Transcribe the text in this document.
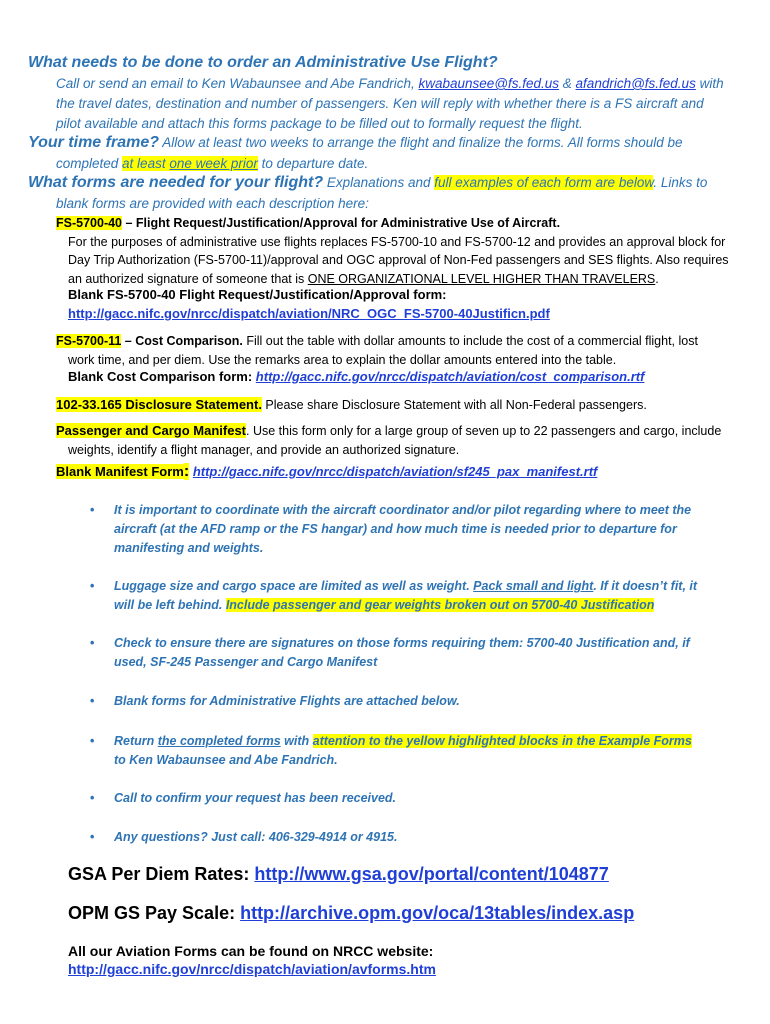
What needs to be done to order an Administrative Use Flight?
Call or send an email to Ken Wabaunsee and Abe Fandrich, kwabaunsee@fs.fed.us & afandrich@fs.fed.us with
the travel dates, destination and number of passengers. Ken will reply with whether there is a FS aircraft and
pilot available and attach this forms package to be filled out to formally request the flight.
Your time frame? Allow at least two weeks to arrange the flight and finalize the forms. All forms should be
completed at least one week prior to departure date.
What forms are needed for your flight? Explanations and full examples of each form are below. Links to
blank forms are provided with each description here:
FS-5700-40 – Flight Request/Justification/Approval for Administrative Use of Aircraft.

For the purposes of administrative use flights replaces FS-5700-10 and FS-5700-12 and provides an approval block for
Day Trip Authorization (FS-5700-11)/approval and OGC approval of Non-Fed passengers and SES flights. Also requires
an authorized signature of someone that is ONE ORGANIZATIONAL LEVEL HIGHER THAN TRAVELERS.
Blank FS-5700-40 Flight Request/Justification/Approval form:
http://gacc.nifc.gov/nrcc/dispatch/aviation/NRC_OGC_FS-5700-40Justificn.pdf
FS-5700-11 – Cost Comparison. Fill out the table with dollar amounts to include the cost of a commercial flight, lost

work time, and per diem. Use the remarks area to explain the dollar amounts entered into the table.
Blank Cost Comparison form: http://gacc.nifc.gov/nrcc/dispatch/aviation/cost_comparison.rtf
102-33.165 Disclosure Statement. Please share Disclosure Statement with all Non-Federal passengers.
Passenger and Cargo Manifest. Use this form only for a large group of seven up to 22 passengers and cargo, include

weights, identify a flight manager, and provide an authorized signature.
Blank Manifest Form: http://gacc.nifc.gov/nrcc/dispatch/aviation/sf245_pax_manifest.rtf
• It is important to coordinate with the aircraft coordinator and/or pilot regarding where to meet the
aircraft (at the AFD ramp or the FS hangar) and how much time is needed prior to departure for
manifesting and weights.
• Luggage size and cargo space are limited as well as weight. Pack small and light. If it doesn’t fit, it
will be left behind. Include passenger and gear weights broken out on 5700-40 Justification
• Check to ensure there are signatures on those forms requiring them: 5700-40 Justification and, if
used, SF-245 Passenger and Cargo Manifest
• Blank forms for Administrative Flights are attached below.
• Return the completed forms with attention to the yellow highlighted blocks in the Example Forms
to Ken Wabaunsee and Abe Fandrich.
• Call to confirm your request has been received.
• Any questions? Just call: 406-329-4914 or 4915.
GSA Per Diem Rates: http://www.gsa.gov/portal/content/104877
OPM GS Pay Scale: http://archive.opm.gov/oca/13tables/index.asp
All our Aviation Forms can be found on NRCC website:
http://gacc.nifc.gov/nrcc/dispatch/aviation/avforms.htm
